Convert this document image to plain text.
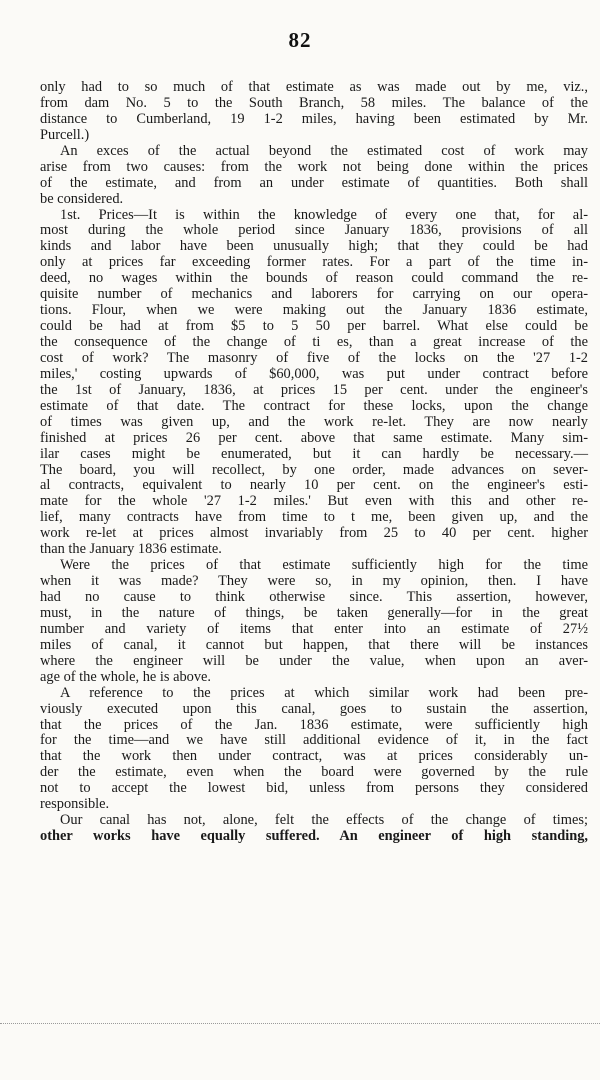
82
only had to so much of that estimate as was made out by me, viz.,
from dam No. 5 to the South Branch, 58 miles. The balance of the
distance to Cumberland, 19 1-2 miles, having been estimated by Mr.
Purcell.)
An exces of the actual beyond the estimated cost of work may
arise from two causes: from the work not being done within the prices
of the estimate, and from an under estimate of quantities. Both shall
be considered.
1st. Prices—It is within the knowledge of every one that, for al-
most during the whole period since January 1836, provisions of all
kinds and labor have been unusually high; that they could be had
only at prices far exceeding former rates. For a part of the time in-
deed, no wages within the bounds of reason could command the re-
quisite number of mechanics and laborers for carrying on our opera-
tions. Flour, when we were making out the January 1836 estimate,
could be had at from $5 to 5 50 per barrel. What else could be
the consequence of the change of ti es, than a great increase of the
cost of work? The masonry of five of the locks on the '27 1-2
miles,' costing upwards of $60,000, was put under contract before
the 1st of January, 1836, at prices 15 per cent. under the engineer's
estimate of that date. The contract for these locks, upon the change
of times was given up, and the work re-let. They are now nearly
finished at prices 26 per cent. above that same estimate. Many sim-
ilar cases might be enumerated, but it can hardly be necessary.—
The board, you will recollect, by one order, made advances on sever-
al contracts, equivalent to nearly 10 per cent. on the engineer's esti-
mate for the whole '27 1-2 miles.' But even with this and other re-
lief, many contracts have from time to t me, been given up, and the
work re-let at prices almost invariably from 25 to 40 per cent. higher
than the January 1836 estimate.
Were the prices of that estimate sufficiently high for the time
when it was made? They were so, in my opinion, then. I have
had no cause to think otherwise since. This assertion, however,
must, in the nature of things, be taken generally—for in the great
number and variety of items that enter into an estimate of 27½
miles of canal, it cannot but happen, that there will be instances
where the engineer will be under the value, when upon an aver-
age of the whole, he is above.
A reference to the prices at which similar work had been pre-
viously executed upon this canal, goes to sustain the assertion,
that the prices of the Jan. 1836 estimate, were sufficiently high
for the time—and we have still additional evidence of it, in the fact
that the work then under contract, was at prices considerably un-
der the estimate, even when the board were governed by the rule
not to accept the lowest bid, unless from persons they considered
responsible.
Our canal has not, alone, felt the effects of the change of times;
other works have equally suffered. An engineer of high standing,
